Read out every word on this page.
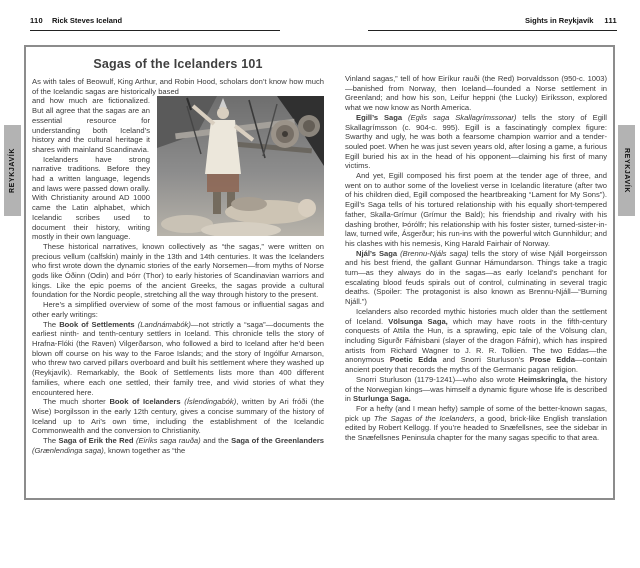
110 Rick Steves Iceland	Sights in Reykjavík 111
REYKJAVÍK	REYKJAVÍK
Sagas of the Icelanders 101

As with tales of Beowulf, King Arthur, and Robin Hood, scholars don’t know how much of the Icelandic sagas are historically based

and how much are fictionalized. But all agree that the sagas are an essential resource for understanding both Iceland’s history and the cultural heritage it shares with mainland Scandinavia.

Icelanders have strong narrative traditions. Before they had a written language, legends and laws were passed down orally. With Christianity around AD 1000 came the Latin alphabet, which Icelandic scribes used to document their history, writing mostly in their own language.

These historical narratives, known collectively as “the sagas,” were written on precious vellum (calfskin) mainly in the 13th and 14th centuries. It was the Icelanders who first wrote down the dynamic stories of the early Norsemen—from myths of Norse gods like Óðinn (Odin) and Þórr (Thor) to early histories of Scandinavian warriors and kings. Like the epic poems of the ancient Greeks, the sagas provide a cultural foundation for the Nordic people, stretching all the way through history to the present.

Here’s a simplified overview of some of the most famous or influential sagas and other early writings:

The Book of Settlements (Landnámabók)—not strictly a “saga”—documents the earliest ninth- and tenth-century settlers in Iceland. This chronicle tells the story of Hrafna-Flóki (the Raven) Vilgerðarson, who followed a bird to Iceland after he’d been blown off course on his way to the Faroe Islands; and the story of Ingólfur Arnarson, who threw two carved pillars overboard and built his settlement where they washed up (Reykjavík). Remarkably, the Book of Settlements lists more than 400 different families, where each one settled, their family tree, and vivid stories of what they encountered here.

The much shorter Book of Icelanders (Íslendingabók), written by Ari fróði (the Wise) Þorgilsson in the early 12th century, gives a concise summary of the history of Iceland up to Ari’s own time, including the establishment of the Icelandic Commonwealth and the conversion to Christianity.

The Saga of Erik the Red (Eiríks saga rauða) and the Saga of the Greenlanders (Grænlendinga saga), known together as “the

Vinland sagas,” tell of how Eiríkur rauði (the Red) Þorvaldsson (950-c. 1003)—banished from Norway, then Iceland—founded a Norse settlement in Greenland; and how his son, Leifur heppni (the Lucky) Eiríksson, explored what we now know as North America.

Egill’s Saga (Egils saga Skallagrímssonar) tells the story of Egill Skallagrímsson (c. 904-c. 995). Egill is a fascinatingly complex figure: Swarthy and ugly, he was both a fearsome champion warrior and a tender-souled poet. When he was just seven years old, after losing a game, a furious Egill buried his ax in the head of his opponent—claiming his first of many victims.

And yet, Egill composed his first poem at the tender age of three, and went on to author some of the loveliest verse in Icelandic literature (after two of his children died, Egill composed the heartbreaking “Lament for My Sons”). Egill’s Saga tells of his tortured relationship with his equally short-tempered father, Skalla-Grímur (Grímur the Bald); his friendship and rivalry with his dashing brother, Þórólfr; his relationship with his foster sister, turned-sister-in-law, turned wife, Ásgerður; his run-ins with the powerful witch Gunnhildur; and his clashes with his nemesis, King Harald Fairhair of Norway.

Njál’s Saga (Brennu-Njáls saga) tells the story of wise Njáll Þorgeirsson and his best friend, the gallant Gunnar Hámundarson. Things take a tragic turn—as they always do in the sagas—as early Iceland’s penchant for escalating blood feuds spirals out of control, culminating in several tragic deaths. (Spoiler: The protagonist is also known as Brennu-Njáll—“Burning Njáll.”)

Icelanders also recorded mythic histories much older than the settlement of Iceland. Völsunga Saga, which may have roots in the fifth-century conquests of Attila the Hun, is a sprawling, epic tale of the Völsung clan, including Sigurðr Fáfnisbani (slayer of the dragon Fáfnir), which has inspired artists from Richard Wagner to J. R. R. Tolkien. The two Eddas—the anonymous Poetic Edda and Snorri Sturluson’s Prose Edda—contain ancient poetry that records the myths of the Germanic pagan religion.

Snorri Sturluson (1179-1241)—who also wrote Heimskringla, the history of the Norwegian kings—was himself a dynamic figure whose life is described in Sturlunga Saga.

For a hefty (and I mean hefty) sample of some of the better-known sagas, pick up The Sagas of the Icelanders, a good, brick-like English translation edited by Robert Kellogg. If you’re headed to Snæfellsnes, see the sidebar in the Snæfellsnes Peninsula chapter for the many sagas specific to that area.
